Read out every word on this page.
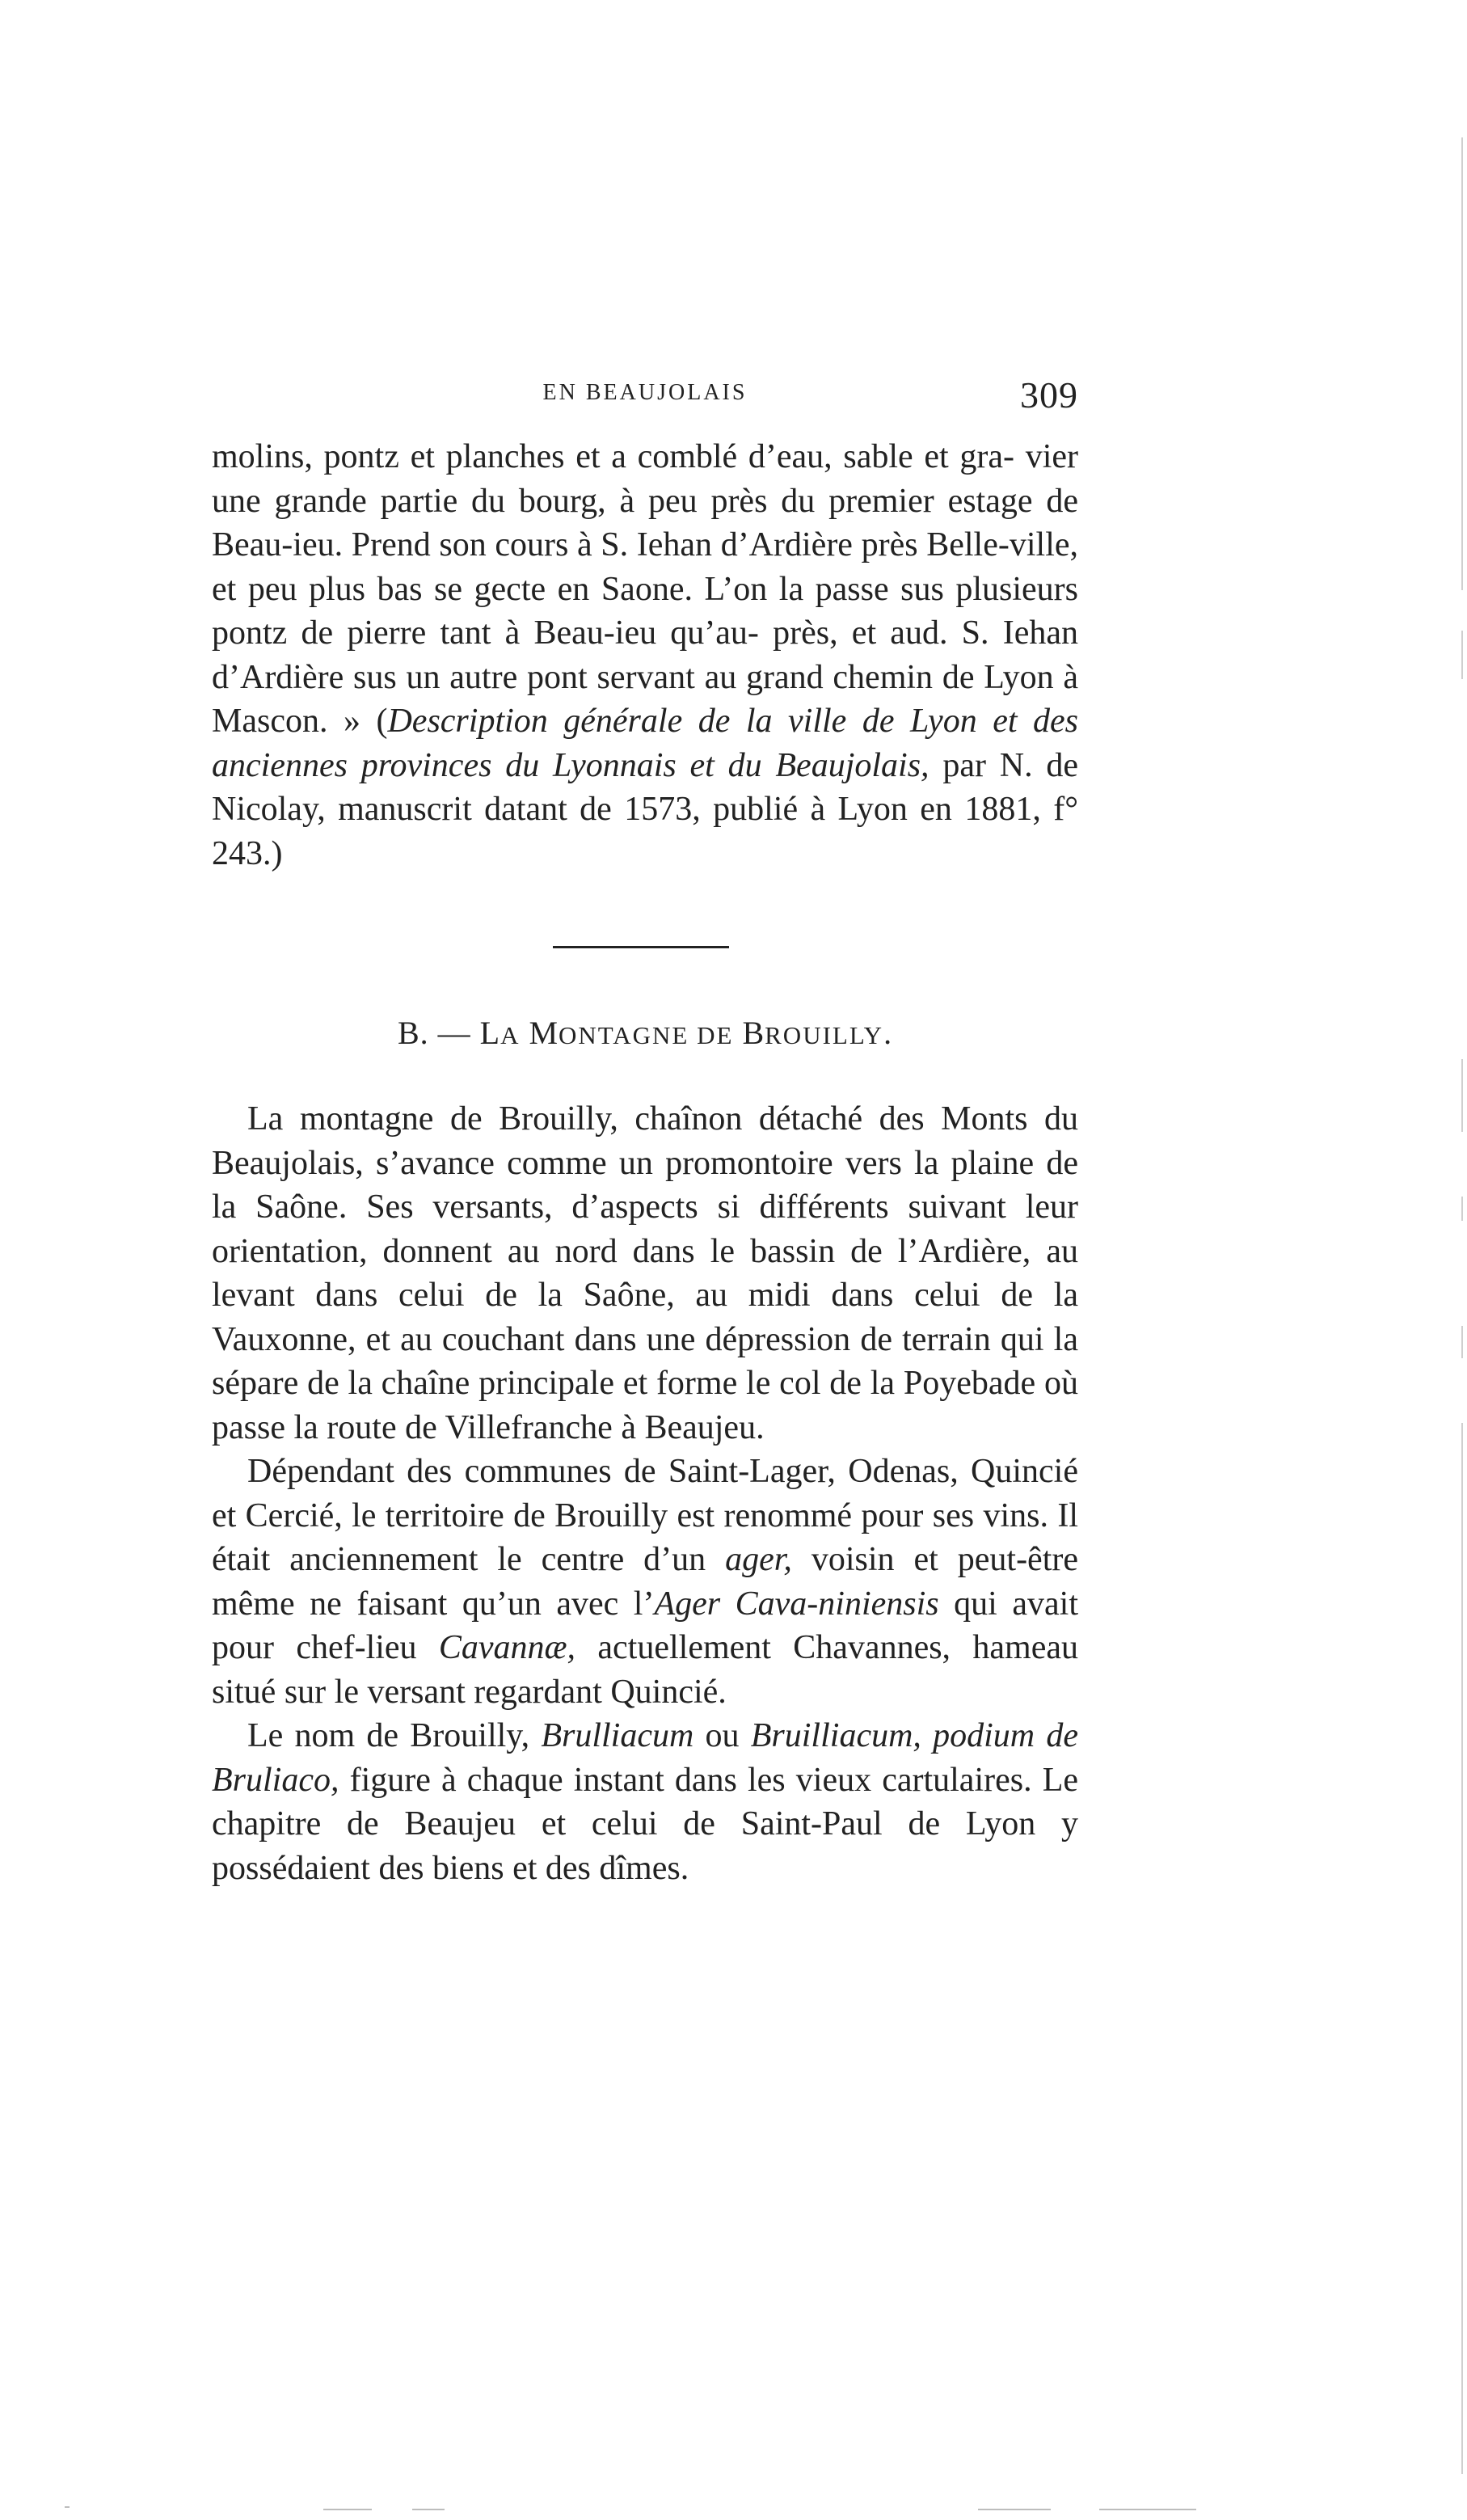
EN BEAUJOLAIS	309

molins, pontz et planches et a comblé d’eau, sable et gra- vier une grande partie du bourg, à peu près du premier estage de Beau-ieu. Prend son cours à S. Iehan d’Ardière près Belle-ville, et peu plus bas se gecte en Saone. L’on la passe sus plusieurs pontz de pierre tant à Beau-ieu qu’au- près, et aud. S. Iehan d’Ardière sus un autre pont servant au grand chemin de Lyon à Mascon. » (Description générale de la ville de Lyon et des anciennes provinces du Lyonnais et du Beaujolais, par N. de Nicolay, manuscrit datant de 1573, publié à Lyon en 1881, f° 243.)

B. — LA MONTAGNE DE BROUILLY.

La montagne de Brouilly, chaînon détaché des Monts du Beaujolais, s’avance comme un promontoire vers la plaine de la Saône. Ses versants, d’aspects si différents suivant leur orientation, donnent au nord dans le bassin de l’Ardière, au levant dans celui de la Saône, au midi dans celui de la Vauxonne, et au couchant dans une dépression de terrain qui la sépare de la chaîne principale et forme le col de la Poyebade où passe la route de Villefranche à Beaujeu.

Dépendant des communes de Saint-Lager, Odenas, Quincié et Cercié, le territoire de Brouilly est renommé pour ses vins. Il était anciennement le centre d’un ager, voisin et peut-être même ne faisant qu’un avec l’Ager Cava-niniensis qui avait pour chef-lieu Cavannæ, actuellement Chavannes, hameau situé sur le versant regardant Quincié.

Le nom de Brouilly, Brulliacum ou Bruilliacum, podium de Bruliaco, figure à chaque instant dans les vieux cartulaires. Le chapitre de Beaujeu et celui de Saint-Paul de Lyon y possédaient des biens et des dîmes.
